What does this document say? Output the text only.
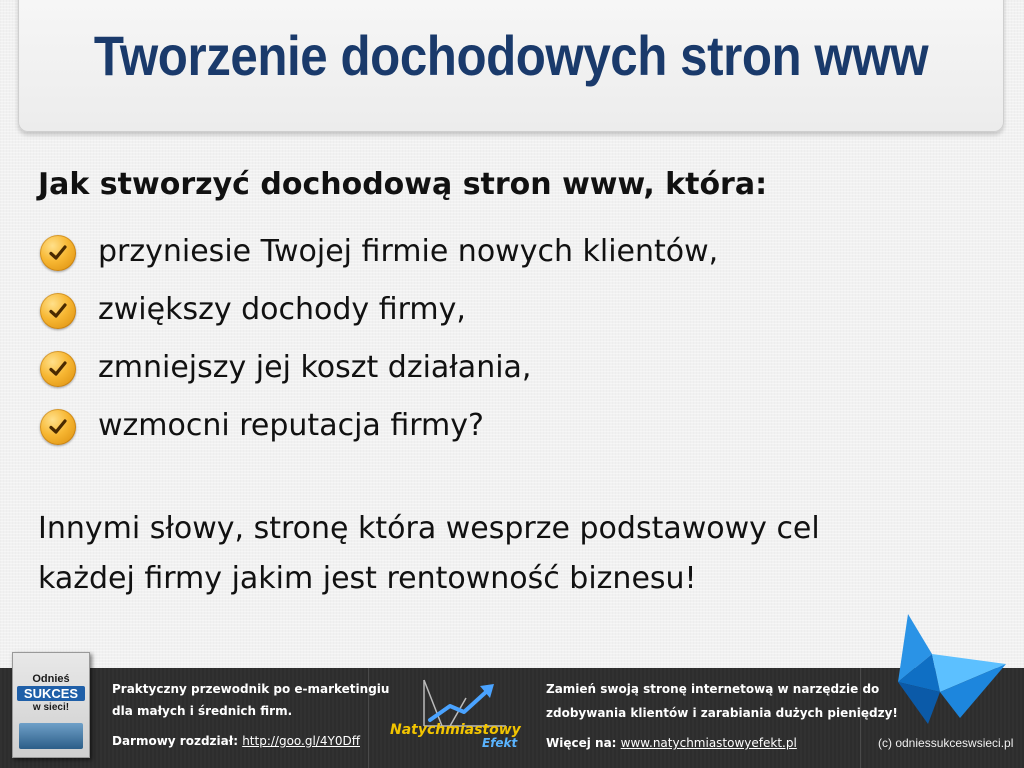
Tworzenie dochodowych stron www

Jak stworzyć dochodową stron www, która:

przyniesie Twojej firmie nowych klientów,
zwiększy dochody firmy,
zmniejszy jej koszt działania,
wzmocni reputacja firmy?
Innymi słowy, stronę która wesprze podstawowy cel
każdej firmy jakim jest rentowność biznesu!
Odnieś
SUKCES
w sieci!
Praktyczny przewodnik po e-marketingiu
dla małych i średnich firm.
Darmowy rozdział: http://goo.gl/4Y0Dff
Natychmiastowy
Efekt
Zamień swoją stronę internetową w narzędzie do
zdobywania klientów i zarabiania dużych pieniędzy!
Więcej na: www.natychmiastowyefekt.pl	(c) odniessukceswsieci.pl
